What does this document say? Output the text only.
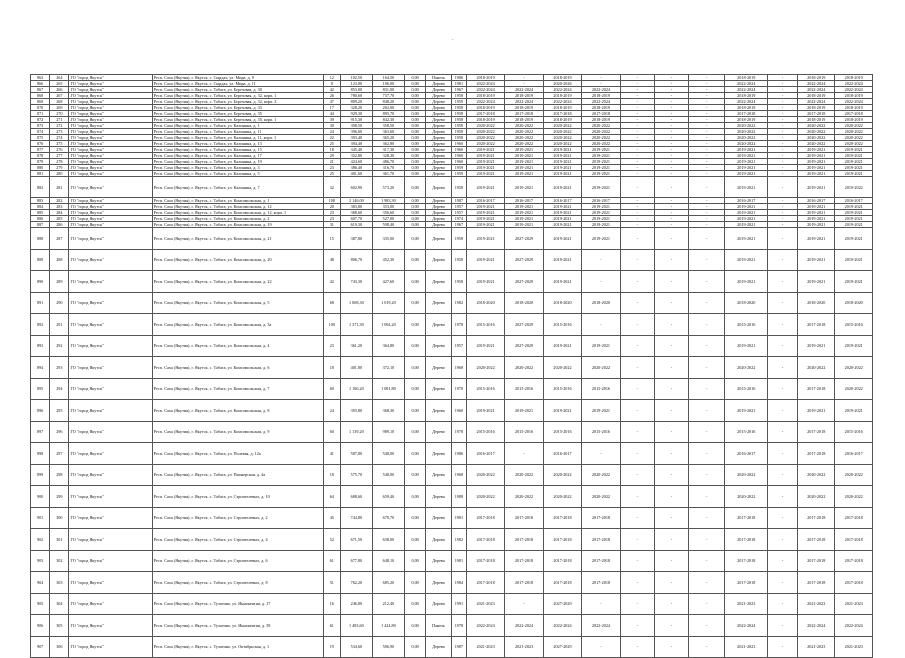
-
863	264	ГО "город Якутск"	Респ. Саха (Якутия), г. Якутск, с. Сырдах, ул. Мира, д. 9	12	102,50	164,50	0,00	Панель	1986	2018-2019	-	2018-2019	-	-	-	-	2018-2019	-	2018-2019	2018-2019
866	265	ГО "город Якутск"	Респ. Саха (Якутия), г. Якутск, с. Сырдах, ул. Мира, д. 11	8	123,00	106,00	0,00	Дерево	1981	2022-2024	-	2020-2026	-	-	-	-	2022-2024	-	2022-2024	2022-2024
867	266	ГО "город Якутск"	Респ. Саха (Якутия), г. Якутск, с. Табага, ул. Березовая, д. 30	42	853,00	831,00	0,00	Дерево	1967	2022-2024	2022-2024	2022-2024	2022-2024	-	-	-	2022-2024	-	2022-2024	2022-2024
868	267	ГО "город Якутск"	Респ. Саха (Якутия), г. Якутск, с. Табага, ул. Березовая, д. 32, корп. 1	26	780,60	737,70	0,00	Дерево	1958	2018-2019	2018-2019	2018-2019	2018-2019	-	-	-	2018-2019	-	2018-2019	2018-2019
869	268	ГО "город Якутск"	Респ. Саха (Якутия), г. Якутск, с. Табага, ул. Березовая, д. 32, корп. 2	47	809,20	848,20	0,00	Дерево	1959	2022-2024	2022-2024	2022-2024	2022-2024	-	-	-	2022-2024	-	2022-2024	2022-2024
870	269	ГО "город Якутск"	Респ. Саха (Якутия), г. Якутск, с. Табага, ул. Березовая, д. 33	17	328,20	262,00	0,00	Дерево	1958	2018-2019	2018-2019	2018-2019	2018-2019	-	-	-	2018-2019	-	2018-2019	2018-2019
871	270	ГО "город Якутск"	Респ. Саха (Якутия), г. Якутск, с. Табага, ул. Березовая, д. 35	44	929,30	895,70	0,00	Дерево	1958	2017-2018	2017-2018	2017-2018	2017-2018	-	-	-	2017-2018	-	2017-2018	2017-2018
872	271	ГО "город Якутск"	Респ. Саха (Якутия), г. Якутск, с. Табага, ул. Березовая, д. 35, корп. 1	39	915,30	842,30	0,00	Дерево	1958	2018-2019	2018-2019	2018-2019	2018-2019	-	-	-	2018-2019	-	2018-2019	2018-2019
873	272	ГО "город Якутск"	Респ. Саха (Якутия), г. Якутск, с. Табага, ул. Калинина, д. 1	30	398,50	358,50	0,00	Дерево	1958	2020-2022	2020-2022	2020-2022	2020-2022	-	-	-	2020-2022	-	2020-2022	2020-2022
874	273	ГО "город Якутск"	Респ. Саха (Якутия), г. Якутск, с. Табага, ул. Калинина, д. 11	24	396,60	363,60	0,00	Дерево	1958	2020-2022	2020-2022	2020-2022	2020-2022	-	-	-	2020-2022	-	2020-2022	2020-2022
875	274	ГО "город Якутск"	Респ. Саха (Якутия), г. Якутск, с. Табага, ул. Калинина, д. 11, корп. 1	22	393,40	365,20	0,00	Дерево	1958	2020-2022	2020-2022	2020-2022	2020-2022	-	-	-	2020-2022	-	2020-2022	2020-2022
876	275	ГО "город Якутск"	Респ. Саха (Якутия), г. Якутск, с. Табага, ул. Калинина, д. 13	25	394,40	362,80	0,00	Дерево	1960	2020-2022	2020-2022	2020-2022	2020-2022	-	-	-	2020-2022	-	2020-2022	2020-2022
877	276	ГО "город Якутск"	Респ. Саха (Якутия), г. Якутск, с. Табага, ул. Калинина, д. 15	18	345,40	317,30	0,00	Дерево	1960	2019-2021	2019-2021	2019-2021	2019-2021	-	-	-	2019-2021	-	2019-2021	2019-2021
878	277	ГО "город Якутск"	Респ. Саха (Якутия), г. Якутск, с. Табага, ул. Калинина, д. 17	29	352,80	328,30	0,00	Дерево	1960	2019-2021	2019-2021	2019-2021	2019-2021	-	-	-	2019-2021	-	2019-2021	2019-2021
879	278	ГО "город Якутск"	Респ. Саха (Якутия), г. Якутск, с. Табага, ул. Калинина, д. 19	21	424,60	486,70	0,00	Дерево	1960	2019-2021	2019-2021	2019-2021	2019-2021	-	-	-	2019-2021	-	2019-2021	2019-2021
880	279	ГО "город Якутск"	Респ. Саха (Якутия), г. Якутск, с. Табага, ул. Калинина, д. 3	23	386,40	316,70	0,00	Дерево	1959	2019-2021	2019-2021	2019-2021	2019-2021	-	-	-	2019-2021	-	2019-2021	2019-2021
881	280	ГО "город Якутск"	Респ. Саха (Якутия), г. Якутск, с. Табага, ул. Калинина, д. 5	25	401,60	361,70	0,00	Дерево	1959	2019-2021	2019-2021	2019-2021	2019-2021	-	-	-	2019-2021	-	2019-2021	2019-2021
882	281	ГО "город Якутск"	Респ. Саха (Якутия), г. Якутск, с. Табага, ул. Калинина, д. 7	32	602,90	573,20	0,00	Дерево	1958	2019-2021	2019-2021	2019-2021	2019-2021	-	-	-	2019-2021	-	2019-2021	2019-2022
883	282	ГО "город Якутск"	Респ. Саха (Якутия), г. Якутск, с. Табага, ул. Комсомольская, д. 1	108	2 146,00	1 983,30	0,00	Дерево	1987	2016-2017	2016-2017	2016-2017	2016-2017	-	-	-	2016-2017	-	2016-2017	2016-2017
884	283	ГО "город Якутск"	Респ. Саха (Якутия), г. Якутск, с. Табага, ул. Комсомольская, д. 12	20	383,80	353,00	0,00	Дерево	1957	2019-2021	2019-2021	2019-2021	2019-2021	-	-	-	2019-2021	-	2019-2021	2019-2021
885	284	ГО "город Якутск"	Респ. Саха (Якутия), г. Якутск, с. Табага, ул. Комсомольская, д. 12, корп. 1	23	388,60	356,60	0,00	Дерево	1957	2019-2021	2019-2021	2019-2021	2019-2021	-	-	-	2019-2021	-	2019-2021	2019-2021
886	285	ГО "город Якутск"	Респ. Саха (Якутия), г. Якутск, с. Табага, ул. Комсомольская, д. 2	23	607,70	527,00	0,00	Дерево	1974	2019-2021	2019-2021	2019-2021	2019-2021	-	-	-	2019-2021	-	2019-2021	2019-2021
887	286	ГО "город Якутск"	Респ. Саха (Якутия), г. Якутск, с. Табага, ул. Комсомольская, д. 19	31	619,30	598,40	0,00	Дерево	1967	2019-2021	2019-2021	2019-2021	2019-2021	-	-	-	2019-2021	-	2019-2021	2019-2021
888	287	ГО "город Якутск"	Респ. Саха (Якутия), г. Якутск, с. Табага, ул. Комсомольская, д. 21	15	387,80	335,00	0,00	Дерево	1958	2019-2021	2027-2029	2019-2021	2019-2021	-	-	-	2019-2021	-	2019-2021	2019-2021
889	288	ГО "город Якутск"	Респ. Саха (Якутия), г. Якутск, с. Табага, ул. Комсомольская, д. 20	48	806,70	452,30	0,00	Дерево	1958	2019-2021	2027-2029	2019-2021	-	-	-	-	2019-2021	-	2019-2021	2019-2021
890	289	ГО "город Якутск"	Респ. Саха (Якутия), г. Якутск, с. Табага, ул. Комсомольская, д. 22	42	743,30	427,60	0,00	Дерево	1958	2019-2021	2027-2029	2019-2021	-	-	-	-	2019-2021	-	2019-2021	2019-2021
891	290	ГО "город Якутск"	Респ. Саха (Якутия), г. Якутск, с. Табага, ул. Комсомольская, д. 5	68	1 068,30	1 019,20	0,00	Дерево	1982	2018-2020	2018-2020	2018-2020	2018-2020	-	-	-	2018-2020	-	2018-2020	2018-2020
892	291	ГО "город Якутск"	Респ. Саха (Якутия), г. Якутск, с. Табага, ул. Комсомольская, д. 3а	100	1 371,30	1 094,20	0,00	Дерево	1978	2015-2016	2027-2029	2015-2016	-	-	-	-	2015-2016	-	2017-2018	2015-2016
893	292	ГО "город Якутск"	Респ. Саха (Якутия), г. Якутск, с. Табага, ул. Комсомольская, д. 4	23	361,20	364,80	0,00	Дерево	1957	2019-2021	2027-2029	2019-2021	2019-2021	-	-	-	2019-2021	-	2019-2021	2019-2021
894	293	ГО "город Якутск"	Респ. Саха (Якутия), г. Якутск, с. Табага, ул. Комсомольская, д. 6	18	401,80	372,10	0,00	Дерево	1968	2020-2022	2020-2022	2020-2022	2020-2022	-	-	-	2020-2022	-	2020-2022	2020-2022
895	294	ГО "город Якутск"	Респ. Саха (Якутия), г. Якутск, с. Табага, ул. Комсомольская, д. 7	60	1 160,20	1 081,80	0,00	Дерево	1970	2015-2016	2015-2016	2015-2016	2015-2016	-	-	-	2015-2016	-	2017-2018	2020-2022
896	295	ГО "город Якутск"	Респ. Саха (Якутия), г. Якутск, с. Табага, ул. Комсомольская, д. 8	24	393,80	368,30	0,00	Дерево	1960	2019-2021	2019-2021	2019-2021	2019-2021	-	-	-	2019-2021	-	2019-2021	2019-2021
897	296	ГО "город Якутск"	Респ. Саха (Якутия), г. Якутск, с. Табага, ул. Комсомольская, д. 9	60	1 139,20	989,10	0,00	Дерево	1978	2015-2016	2015-2016	2015-2016	2015-2016	-	-	-	2015-2016	-	2017-2018	2015-2016
898	297	ГО "город Якутск"	Респ. Саха (Якутия), г. Якутск, с. Табага, ул. Полевая, д. 12а	41	587,80	548,00	0,00	Дерево	1986	2016-2017	-	2016-2017	-	-	-	-	2016-2017	-	2017-2018	2016-2017
899	298	ГО "город Якутск"	Респ. Саха (Якутия), г. Якутск, с. Табага, ул. Пионерская, д. 4а	18	575,70	548,00	0,00	Дерево	1968	2020-2022	2020-2022	2020-2022	2020-2022	-	-	-	2020-2022	-	2020-2022	2020-2022
900	299	ГО "город Якутск"	Респ. Саха (Якутия), г. Якутск, с. Табага, ул. Строителевых, д. 10	64	688,60	659,40	0,00	Дерево	1988	2020-2022	2020-2022	2020-2022	2020-2022	-	-	-	2020-2022	-	2020-2022	2020-2022
901	300	ГО "город Якутск"	Респ. Саха (Якутия), г. Якутск, с. Табага, ул. Строителевых, д. 2	45	744,80	670,70	0,00	Дерево	1981	2017-2018	2017-2018	2017-2018	2017-2018	-	-	-	2017-2018	-	2017-2018	2017-2018
902	301	ГО "город Якутск"	Респ. Саха (Якутия), г. Якутск, с. Табага, ул. Строителевых, д. 4	52	671,50	638,00	0,00	Дерево	1982	2017-2018	2017-2018	2017-2018	2017-2018	-	-	-	2017-2018	-	2017-2018	2017-2018
903	302	ГО "город Якутск"	Респ. Саха (Якутия), г. Якутск, с. Табага, ул. Строителевых, д. 6	61	677,80	648,10	0,00	Дерево	1981	2017-2018	2017-2018	2017-2018	2017-2018	-	-	-	2017-2018	-	2017-2018	2017-2018
904	303	ГО "город Якутск"	Респ. Саха (Якутия), г. Якутск, с. Табага, ул. Строителевых, д. 8	51	762,20	685,20	0,00	Дерево	1984	2017-2018	2017-2018	2017-2018	2017-2018	-	-	-	2017-2018	-	2017-2018	2017-2018
905	304	ГО "город Якутск"	Респ. Саха (Якутия), г. Якутск, с. Тулагино, ул. Иннокентия, д. 17	16	246,80	212,40	0,00	Дерево	1991	2021-2023	-	2027-2029	-	-	-	-	2021-2023	-	2021-2023	2021-2023
906	305	ГО "город Якутск"	Респ. Саха (Якутия), г. Якутск, с. Тулагино, ул. Иннокентия, д. 39	61	1 483,60	1 424,80	0,00	Панель	1978	2022-2024	2022-2024	2022-2024	2022-2024	-	-	-	2022-2024	-	2022-2024	2022-2024
907	306	ГО "город Якутск"	Респ. Саха (Якутия), г. Якутск, с. Тулагино, ул. Октябрьская, д. 1	19	534,60	506,90	0,00	Дерево	1987	2021-2023	2021-2023	2027-2029	-	-	-	-	2021-2023	-	2021-2023	2021-2023
